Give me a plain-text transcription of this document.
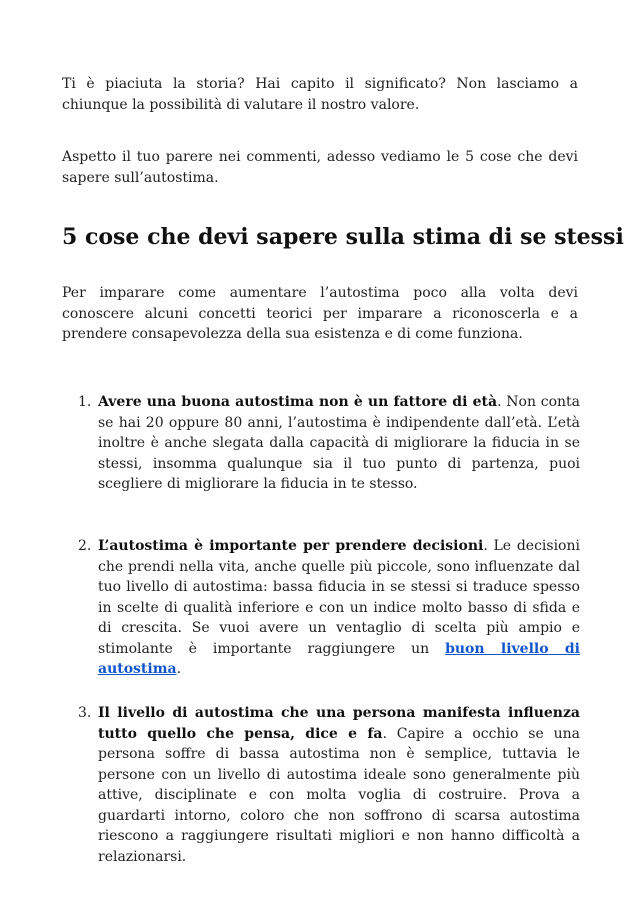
Ti è piaciuta la storia? Hai capito il significato? Non lasciamo a chiunque la possibilità di valutare il nostro valore.

Aspetto il tuo parere nei commenti, adesso vediamo le 5 cose che devi sapere sull’autostima.

5 cose che devi sapere sulla stima di se stessi

Per imparare come aumentare l’autostima poco alla volta devi conoscere alcuni concetti teorici per imparare a riconoscerla e a prendere consapevolezza della sua esistenza e di come funziona.

1. Avere una buona autostima non è un fattore di età. Non conta se hai 20 oppure 80 anni, l’autostima è indipendente dall’età. L’età inoltre è anche slegata dalla capacità di migliorare la fiducia in se stessi, insomma qualunque sia il tuo punto di partenza, puoi scegliere di migliorare la fiducia in te stesso.
2. L’autostima è importante per prendere decisioni. Le decisioni che prendi nella vita, anche quelle più piccole, sono influenzate dal tuo livello di autostima: bassa fiducia in se stessi si traduce spesso in scelte di qualità inferiore e con un indice molto basso di sfida e di crescita. Se vuoi avere un ventaglio di scelta più ampio e stimolante è importante raggiungere un buon livello di autostima.
3. Il livello di autostima che una persona manifesta influenza tutto quello che pensa, dice e fa. Capire a occhio se una persona soffre di bassa autostima non è semplice, tuttavia le persone con un livello di autostima ideale sono generalmente più attive, disciplinate e con molta voglia di costruire. Prova a guardarti intorno, coloro che non soffrono di scarsa autostima riescono a raggiungere risultati migliori e non hanno difficoltà a relazionarsi.
